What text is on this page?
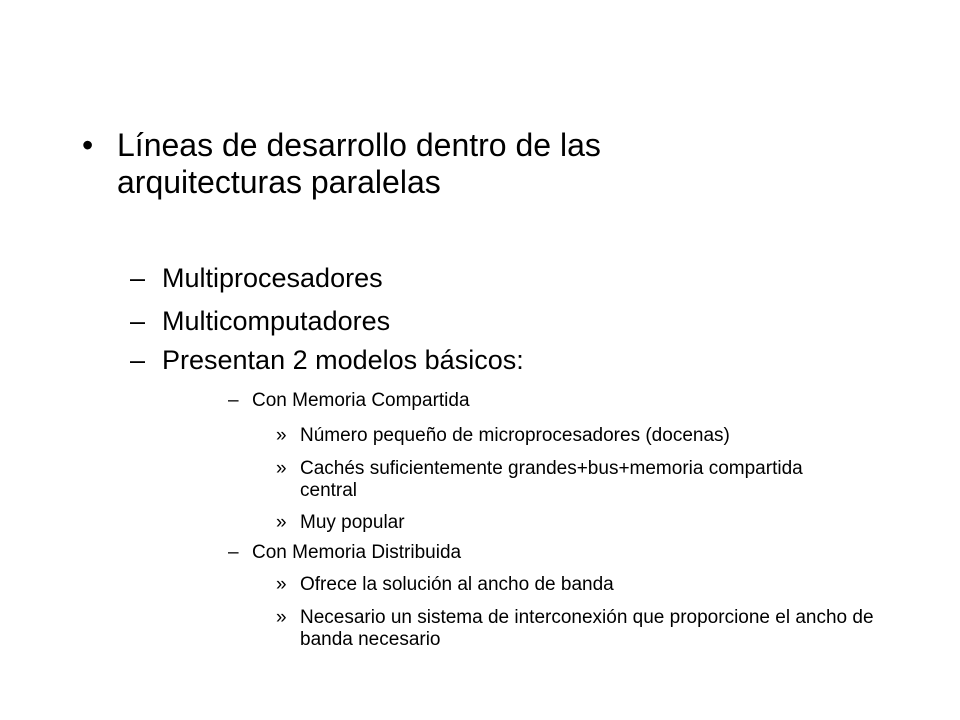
• Líneas de desarrollo dentro de las arquitecturas paralelas
– Multiprocesadores
– Multicomputadores
– Presentan 2 modelos básicos:
– Con Memoria Compartida
» Número pequeño de microprocesadores (docenas)
» Cachés suficientemente grandes+bus+memoria compartida central
» Muy popular
– Con Memoria Distribuida
» Ofrece la solución al ancho de banda
» Necesario un sistema de interconexión que proporcione el ancho de banda necesario
